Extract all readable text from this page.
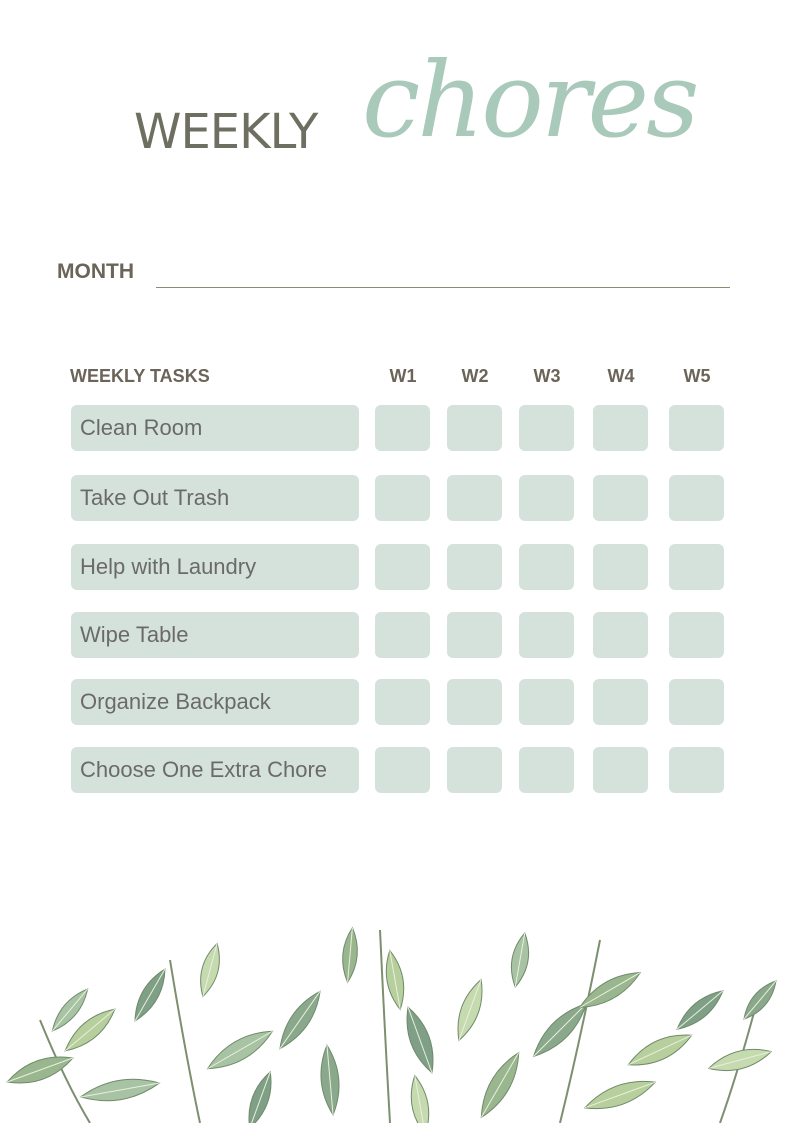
WEEKLY chores
MONTH
WEEKLY TASKS	W1	W2	W3	W4	W5
Clean Room
Take Out Trash
Help with Laundry
Wipe Table
Organize Backpack
Choose One Extra Chore
